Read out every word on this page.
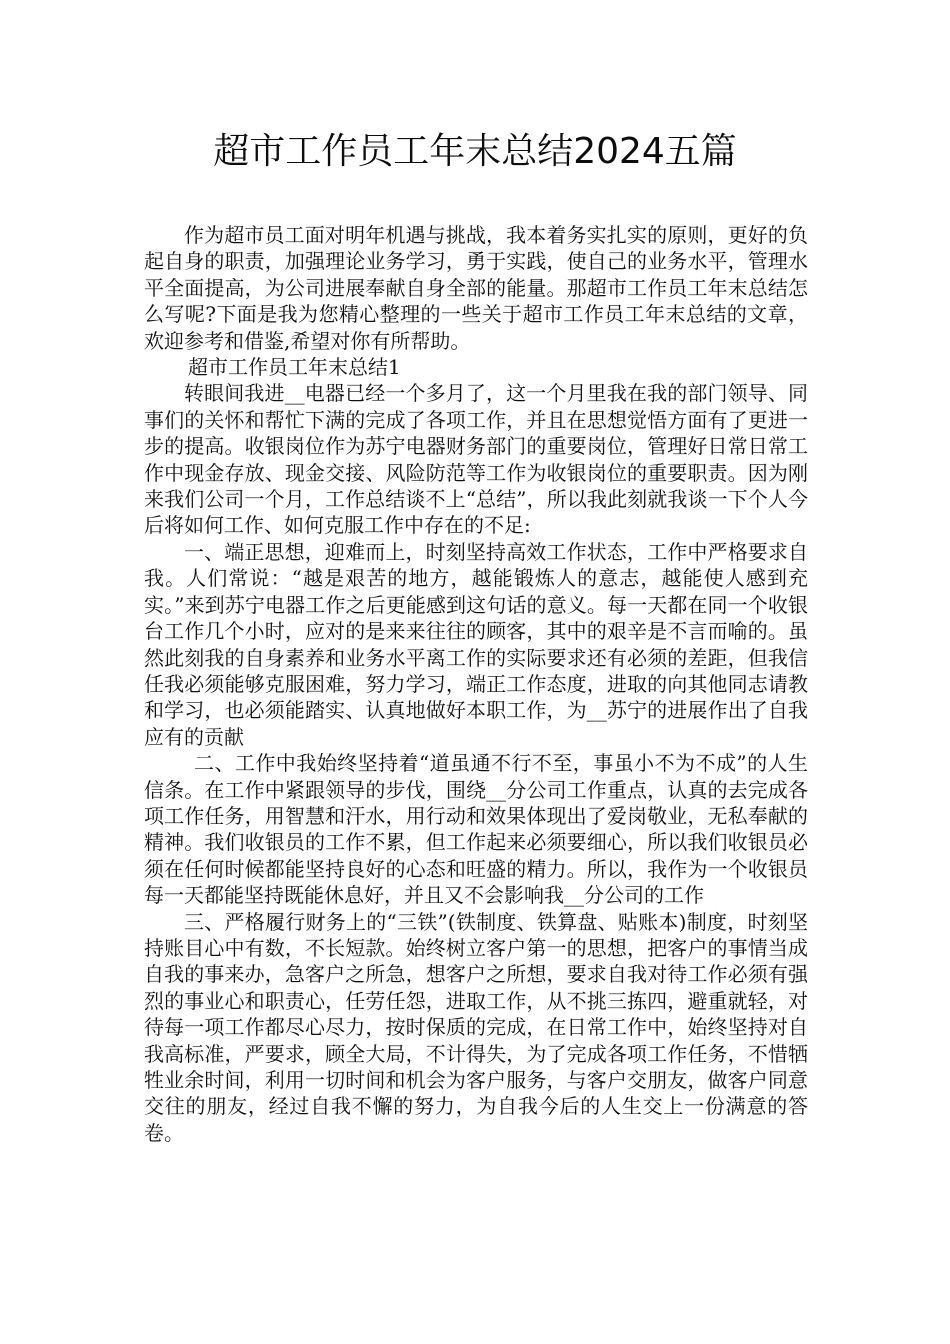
超市工作员工年末总结2024五篇

作为超市员工面对明年机遇与挑战，我本着务实扎实的原则，更好的负起自身的职责，加强理论业务学习，勇于实践，使自己的业务水平，管理水平全面提高，为公司进展奉献自身全部的能量。那超市工作员工年末总结怎么写呢?下面是我为您精心整理的一些关于超市工作员工年末总结的文章，欢迎参考和借鉴,希望对你有所帮助。

超市工作员工年末总结1

转眼间我进__电器已经一个多月了，这一个月里我在我的部门领导、同事们的关怀和帮忙下满的完成了各项工作，并且在思想觉悟方面有了更进一步的提高。收银岗位作为苏宁电器财务部门的重要岗位，管理好日常日常工作中现金存放、现金交接、风险防范等工作为收银岗位的重要职责。因为刚来我们公司一个月，工作总结谈不上“总结”，所以我此刻就我谈一下个人今后将如何工作、如何克服工作中存在的不足:

一、端正思想，迎难而上，时刻坚持高效工作状态，工作中严格要求自我。人们常说：“越是艰苦的地方，越能锻炼人的意志，越能使人感到充实。”来到苏宁电器工作之后更能感到这句话的意义。每一天都在同一个收银台工作几个小时，应对的是来来往往的顾客，其中的艰辛是不言而喻的。虽然此刻我的自身素养和业务水平离工作的实际要求还有必须的差距，但我信任我必须能够克服困难，努力学习，端正工作态度，进取的向其他同志请教和学习，也必须能踏实、认真地做好本职工作，为__苏宁的进展作出了自我应有的贡献

二、工作中我始终坚持着“道虽通不行不至，事虽小不为不成”的人生信条。在工作中紧跟领导的步伐，围绕__分公司工作重点，认真的去完成各项工作任务，用智慧和汗水，用行动和效果体现出了爱岗敬业，无私奉献的精神。我们收银员的工作不累，但工作起来必须要细心，所以我们收银员必须在任何时候都能坚持良好的心态和旺盛的精力。所以，我作为一个收银员每一天都能坚持既能休息好，并且又不会影响我__分公司的工作

三、严格履行财务上的“三铁”(铁制度、铁算盘、贴账本)制度，时刻坚持账目心中有数，不长短款。始终树立客户第一的思想，把客户的事情当成自我的事来办，急客户之所急，想客户之所想，要求自我对待工作必须有强烈的事业心和职责心，任劳任怨，进取工作，从不挑三拣四，避重就轻，对待每一项工作都尽心尽力，按时保质的完成，在日常工作中，始终坚持对自我高标准，严要求，顾全大局，不计得失，为了完成各项工作任务，不惜牺牲业余时间，利用一切时间和机会为客户服务，与客户交朋友，做客户同意交往的朋友，经过自我不懈的努力，为自我今后的人生交上一份满意的答卷。
